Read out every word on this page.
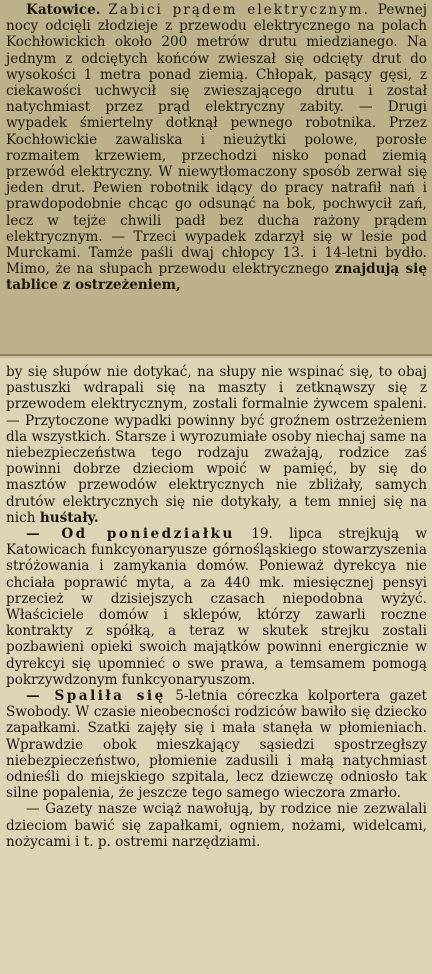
Katowice. Zabici prądem elektrycznym. Pewnej nocy odcięli złodzieje z przewodu elektrycznego na polach Kochłowickich około 200 metrów drutu miedzianego. Na jednym z odciętych końców zwieszał się odcięty drut do wysokości 1 metra ponad ziemią. Chłopak, pasący gęsi, z ciekawości uchwycił się zwieszającego drutu i został natychmiast przez prąd elektryczny zabity. — Drugi wypadek śmiertelny dotknął pewnego robotnika. Przez Kochłowickie zawaliska i nieużytki polowe, porosłe rozmaitem krzewiem, przechodzi nisko ponad ziemią przewód elektryczny. W niewytłomaczony sposób zerwał się jeden drut. Pewien robotnik idący do pracy natrafił nań i prawdopodobnie chcąc go odsunąć na bok, pochwycił zań, lecz w tejże chwili padł bez ducha rażony prądem elektrycznym. — Trzeci wypadek zdarzył się w lesie pod Murckami. Tamże paśli dwaj chłopcy 13. i 14-letni bydło. Mimo, że na słupach przewodu elektrycznego znajdują się tablice z ostrzeżeniem,

by się słupów nie dotykać, na słupy nie wspinać się, to obaj pastuszki wdrapali się na maszty i zetknąwszy się z przewodem elektrycznym, zostali formalnie żywcem spaleni. — Przytoczone wypadki powinny być groźnem ostrzeżeniem dla wszystkich. Starsze i wyrozumiałe osoby niechaj same na niebezpieczeństwa tego rodzaju zważają, rodzice zaś powinni dobrze dzieciom wpoić w pamięć, by się do masztów przewodów elektrycznych nie zbliżały, samych drutów elektrycznych się nie dotykały, a tem mniej się na nich huśtały.

— Od poniedziałku 19. lipca strejkują w Katowicach funkcyonaryusze górnośląskiego stowarzyszenia stróżowania i zamykania domów. Ponieważ dyrekcya nie chciała poprawić myta, a za 440 mk. miesięcznej pensyi przecież w dzisiejszych czasach niepodobna wyżyć. Właściciele domów i sklepów, którzy zawarli roczne kontrakty z spółką, a teraz w skutek strejku zostali pozbawieni opieki swoich majątków powinni energicznie w dyrekcyi się upomnieć o swe prawa, a temsamem pomogą pokrzywdzonym funkcyonaryuszom.

— Spaliła się 5-letnia córeczka kolportera gazet Swobody. W czasie nieobecności rodziców bawiło się dziecko zapałkami. Szatki zajęły się i mała stanęła w płomieniach. Wprawdzie obok mieszkający sąsiedzi spostrzegłszy niebezpieczeństwo, płomienie zadusili i małą natychmiast odnieśli do miejskiego szpitala, lecz dziewczę odniosło tak silne popalenia, że jeszcze tego samego wieczora zmarło.

— Gazety nasze wciąż nawołują, by rodzice nie zezwalali dzieciom bawić się zapałkami, ogniem, nożami, widelcami, nożycami i t. p. ostremi narzędziami.
